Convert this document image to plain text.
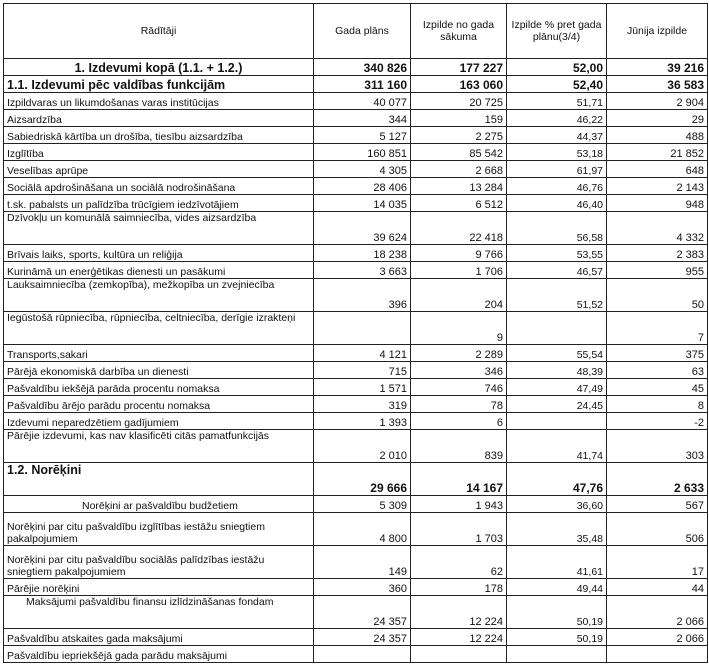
Rādītāji	Gada plāns	Izpilde no gada sākuma	Izpilde % pret gada plānu(3/4)	Jūnija izpilde
1. Izdevumi kopā (1.1. + 1.2.)	340 826	177 227	52,00	39 216
1.1. Izdevumi pēc valdības funkcijām	311 160	163 060	52,40	36 583
Izpildvaras un likumdošanas varas institūcijas	40 077	20 725	51,71	2 904
Aizsardzība	344	159	46,22	29
Sabiedriskā kārtība un drošība, tiesību aizsardzība	5 127	2 275	44,37	488
Izglītība	160 851	85 542	53,18	21 852
Veselības aprūpe	4 305	2 668	61,97	648
Sociālā apdrošināšana un sociālā nodrošināšana	28 406	13 284	46,76	2 143
t.sk. pabalsts un palīdzība trūcīgiem iedzīvotājiem	14 035	6 512	46,40	948
Dzīvokļu un komunālā saimniecība, vides aizsardzība	39 624	22 418	56,58	4 332
Brīvais laiks, sports, kultūra un reliģija	18 238	9 766	53,55	2 383
Kurināmā un enerģētikas dienesti un pasākumi	3 663	1 706	46,57	955
Lauksaimniecība (zemkopība), mežkopība un zvejniecība	396	204	51,52	50
Iegūstošā rūpniecība, rūpniecība, celtniecība, derīgie izrakteņi		9		7
Transports,sakari	4 121	2 289	55,54	375
Pārējā ekonomiskā darbība un dienesti	715	346	48,39	63
Pašvaldību iekšējā parāda procentu nomaksa	1 571	746	47,49	45
Pašvaldību ārējo parādu procentu nomaksa	319	78	24,45	8
Izdevumi neparedzētiem gadījumiem	1 393	6		-2
Pārējie izdevumi, kas nav klasificēti citās pamatfunkcijās	2 010	839	41,74	303
1.2. Norēķini	29 666	14 167	47,76	2 633
Norēķini ar pašvaldību budžetiem	5 309	1 943	36,60	567
Norēķini par citu pašvaldību izglītības iestāžu sniegtiem pakalpojumiem	4 800	1 703	35,48	506
Norēķini par citu pašvaldību sociālās palīdzības iestāžu sniegtiem pakalpojumiem	149	62	41,61	17
Pārējie norēķini	360	178	49,44	44
Maksājumi pašvaldību finansu izlīdzināšanas fondam	24 357	12 224	50,19	2 066
Pašvaldību atskaites gada maksājumi	24 357	12 224	50,19	2 066
Pašvaldību iepriekšējā gada parādu maksājumi				
